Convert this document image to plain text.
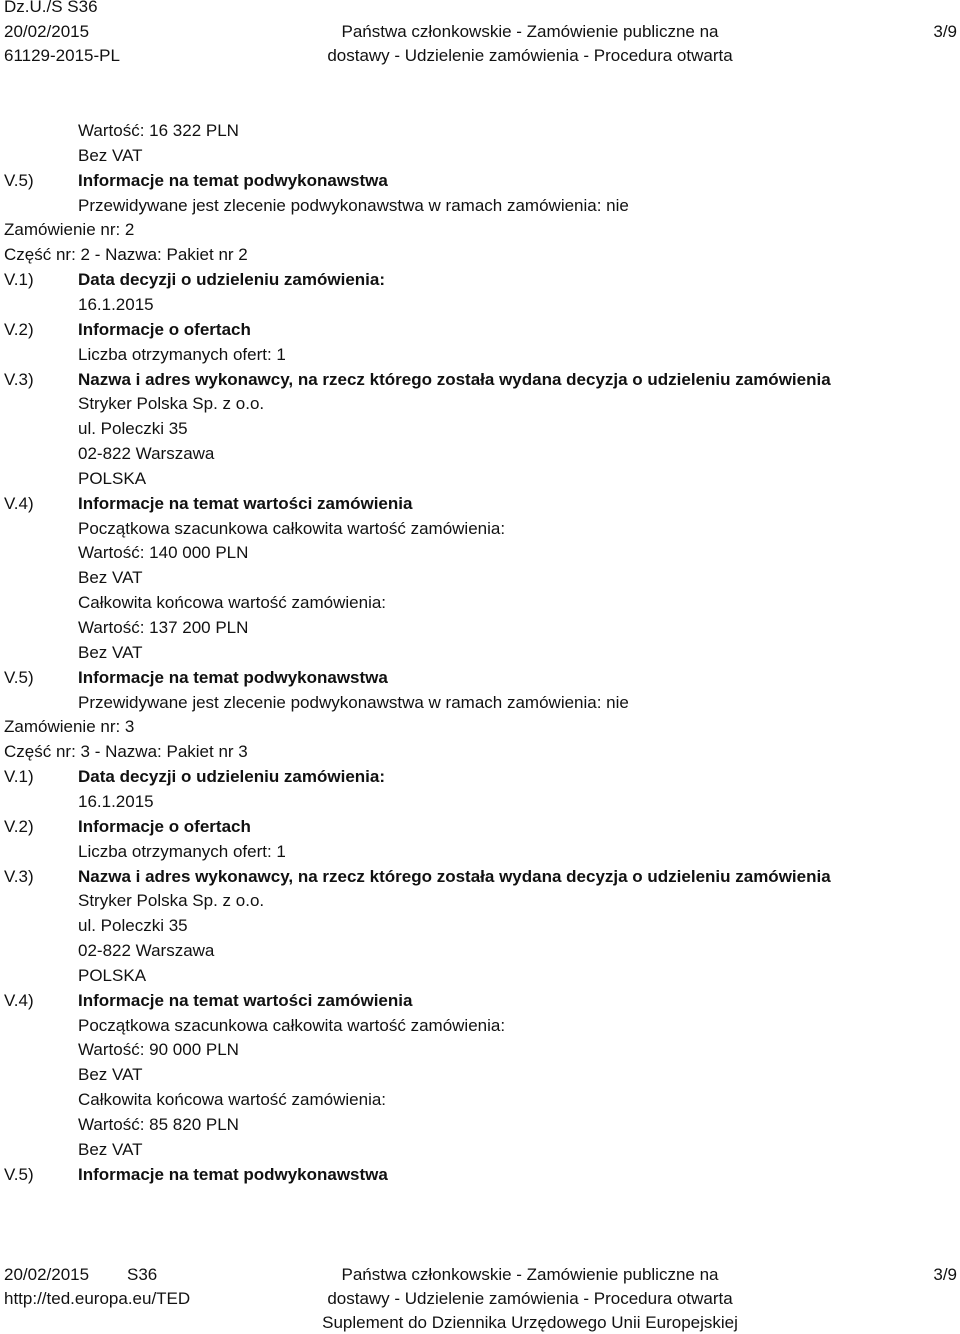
Dz.U./S S36
20/02/2015
61129-2015-PL
Państwa członkowskie - Zamówienie publiczne na
dostawy - Udzielenie zamówienia - Procedura otwarta
3/9
Wartość: 16 322 PLN
Bez VAT
V.5)	Informacje na temat podwykonawstwa
Przewidywane jest zlecenie podwykonawstwa w ramach zamówienia: nie
Zamówienie nr: 2
Część nr: 2 - Nazwa: Pakiet nr 2
V.1)	Data decyzji o udzieleniu zamówienia:
16.1.2015
V.2)	Informacje o ofertach
Liczba otrzymanych ofert: 1
V.3)	Nazwa i adres wykonawcy, na rzecz którego została wydana decyzja o udzieleniu zamówienia
Stryker Polska Sp. z o.o.
ul. Poleczki 35
02-822 Warszawa
POLSKA
V.4)	Informacje na temat wartości zamówienia
Początkowa szacunkowa całkowita wartość zamówienia:
Wartość: 140 000 PLN
Bez VAT
Całkowita końcowa wartość zamówienia:
Wartość: 137 200 PLN
Bez VAT
V.5)	Informacje na temat podwykonawstwa
Przewidywane jest zlecenie podwykonawstwa w ramach zamówienia: nie
Zamówienie nr: 3
Część nr: 3 - Nazwa: Pakiet nr 3
V.1)	Data decyzji o udzieleniu zamówienia:
16.1.2015
V.2)	Informacje o ofertach
Liczba otrzymanych ofert: 1
V.3)	Nazwa i adres wykonawcy, na rzecz którego została wydana decyzja o udzieleniu zamówienia
Stryker Polska Sp. z o.o.
ul. Poleczki 35
02-822 Warszawa
POLSKA
V.4)	Informacje na temat wartości zamówienia
Początkowa szacunkowa całkowita wartość zamówienia:
Wartość: 90 000 PLN
Bez VAT
Całkowita końcowa wartość zamówienia:
Wartość: 85 820 PLN
Bez VAT
V.5)	Informacje na temat podwykonawstwa
20/02/2015 S36
http://ted.europa.eu/TED
Państwa członkowskie - Zamówienie publiczne na
dostawy - Udzielenie zamówienia - Procedura otwarta
Suplement do Dziennika Urzędowego Unii Europejskiej
3/9
